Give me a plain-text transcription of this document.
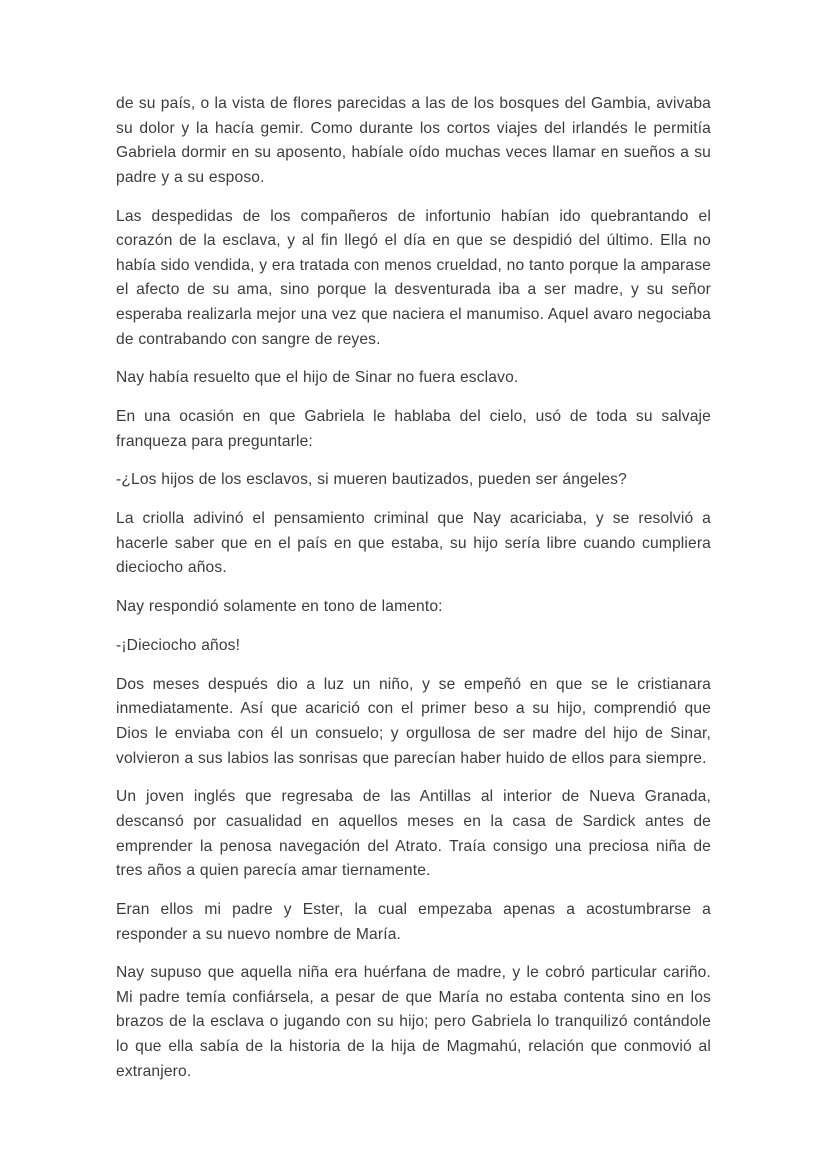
de su país, o la vista de flores parecidas a las de los bosques del Gambia, avivaba su dolor y la hacía gemir. Como durante los cortos viajes del irlandés le permitía Gabriela dormir en su aposento, habíale oído muchas veces llamar en sueños a su padre y a su esposo.

Las despedidas de los compañeros de infortunio habían ido quebrantando el corazón de la esclava, y al fin llegó el día en que se despidió del último. Ella no había sido vendida, y era tratada con menos crueldad, no tanto porque la amparase el afecto de su ama, sino porque la desventurada iba a ser madre, y su señor esperaba realizarla mejor una vez que naciera el manumiso. Aquel avaro negociaba de contrabando con sangre de reyes.

Nay había resuelto que el hijo de Sinar no fuera esclavo.

En una ocasión en que Gabriela le hablaba del cielo, usó de toda su salvaje franqueza para preguntarle:

-¿Los hijos de los esclavos, si mueren bautizados, pueden ser ángeles?

La criolla adivinó el pensamiento criminal que Nay acariciaba, y se resolvió a hacerle saber que en el país en que estaba, su hijo sería libre cuando cumpliera dieciocho años.

Nay respondió solamente en tono de lamento:

-¡Dieciocho años!

Dos meses después dio a luz un niño, y se empeñó en que se le cristianara inmediatamente. Así que acarició con el primer beso a su hijo, comprendió que Dios le enviaba con él un consuelo; y orgullosa de ser madre del hijo de Sinar, volvieron a sus labios las sonrisas que parecían haber huido de ellos para siempre.

Un joven inglés que regresaba de las Antillas al interior de Nueva Granada, descansó por casualidad en aquellos meses en la casa de Sardick antes de emprender la penosa navegación del Atrato. Traía consigo una preciosa niña de tres años a quien parecía amar tiernamente.

Eran ellos mi padre y Ester, la cual empezaba apenas a acostumbrarse a responder a su nuevo nombre de María.

Nay supuso que aquella niña era huérfana de madre, y le cobró particular cariño. Mi padre temía confiársela, a pesar de que María no estaba contenta sino en los brazos de la esclava o jugando con su hijo; pero Gabriela lo tranquilizó contándole lo que ella sabía de la historia de la hija de Magmahú, relación que conmovió al extranjero.
